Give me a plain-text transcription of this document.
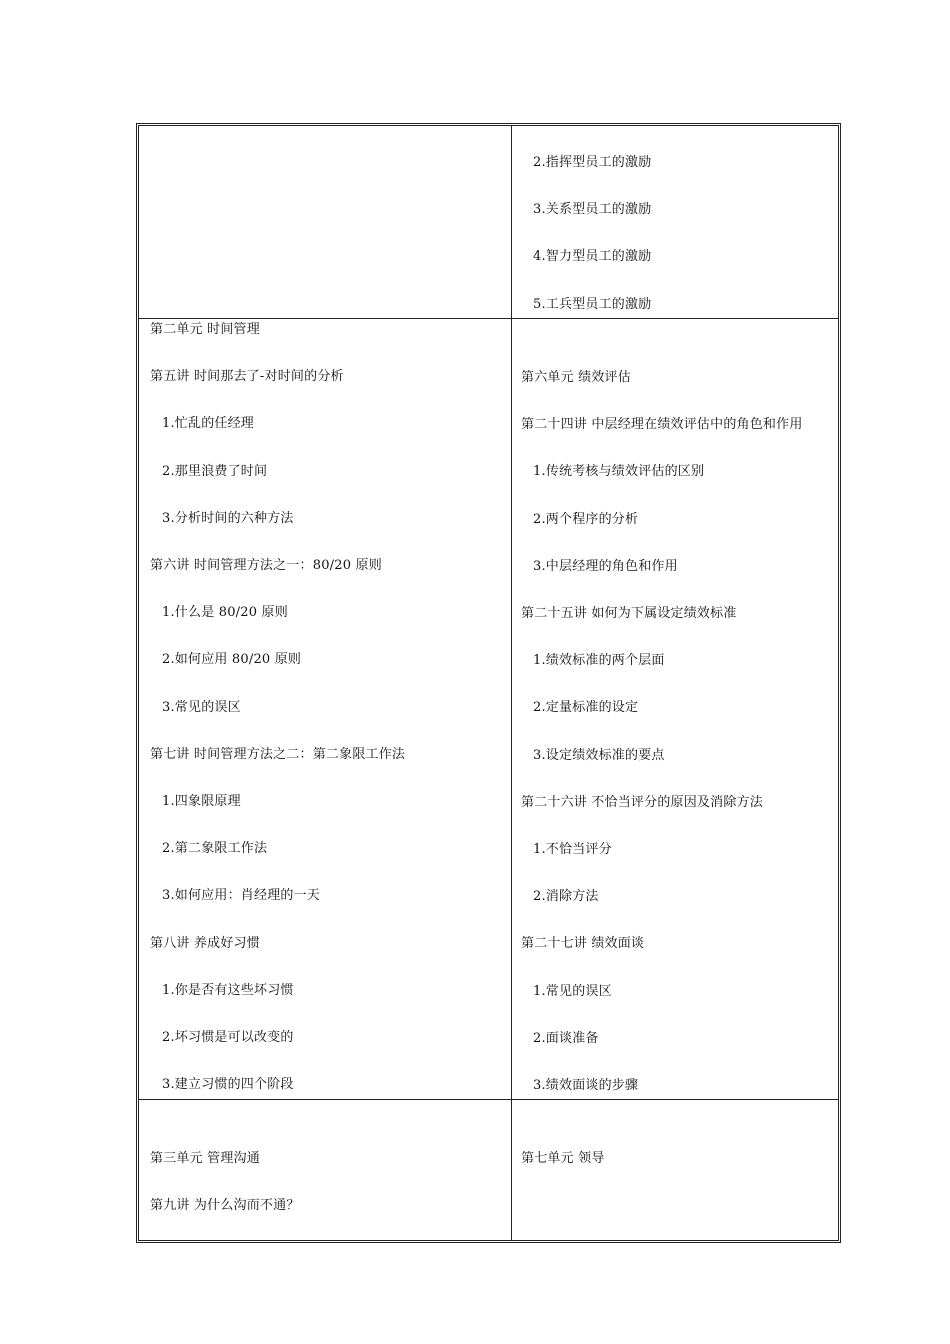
2.指挥型员工的激励
3.关系型员工的激励
4.智力型员工的激励
5.工兵型员工的激励
第二单元 时间管理
第五讲 时间那去了-对时间的分析
1.忙乱的任经理
2.那里浪费了时间
3.分析时间的六种方法
第六讲 时间管理方法之一：80/20 原则
1.什么是 80/20 原则
2.如何应用 80/20 原则
3.常见的误区
第七讲 时间管理方法之二：第二象限工作法
1.四象限原理
2.第二象限工作法
3.如何应用：肖经理的一天
第八讲 养成好习惯
1.你是否有这些坏习惯
2.坏习惯是可以改变的
3.建立习惯的四个阶段
第六单元 绩效评估
第二十四讲 中层经理在绩效评估中的角色和作用
1.传统考核与绩效评估的区别
2.两个程序的分析
3.中层经理的角色和作用
第二十五讲 如何为下属设定绩效标准
1.绩效标准的两个层面
2.定量标准的设定
3.设定绩效标准的要点
第二十六讲 不恰当评分的原因及消除方法
1.不恰当评分
2.消除方法
第二十七讲 绩效面谈
1.常见的误区
2.面谈准备
3.绩效面谈的步骤
第三单元 管理沟通
第九讲 为什么沟而不通？
第七单元 领导
